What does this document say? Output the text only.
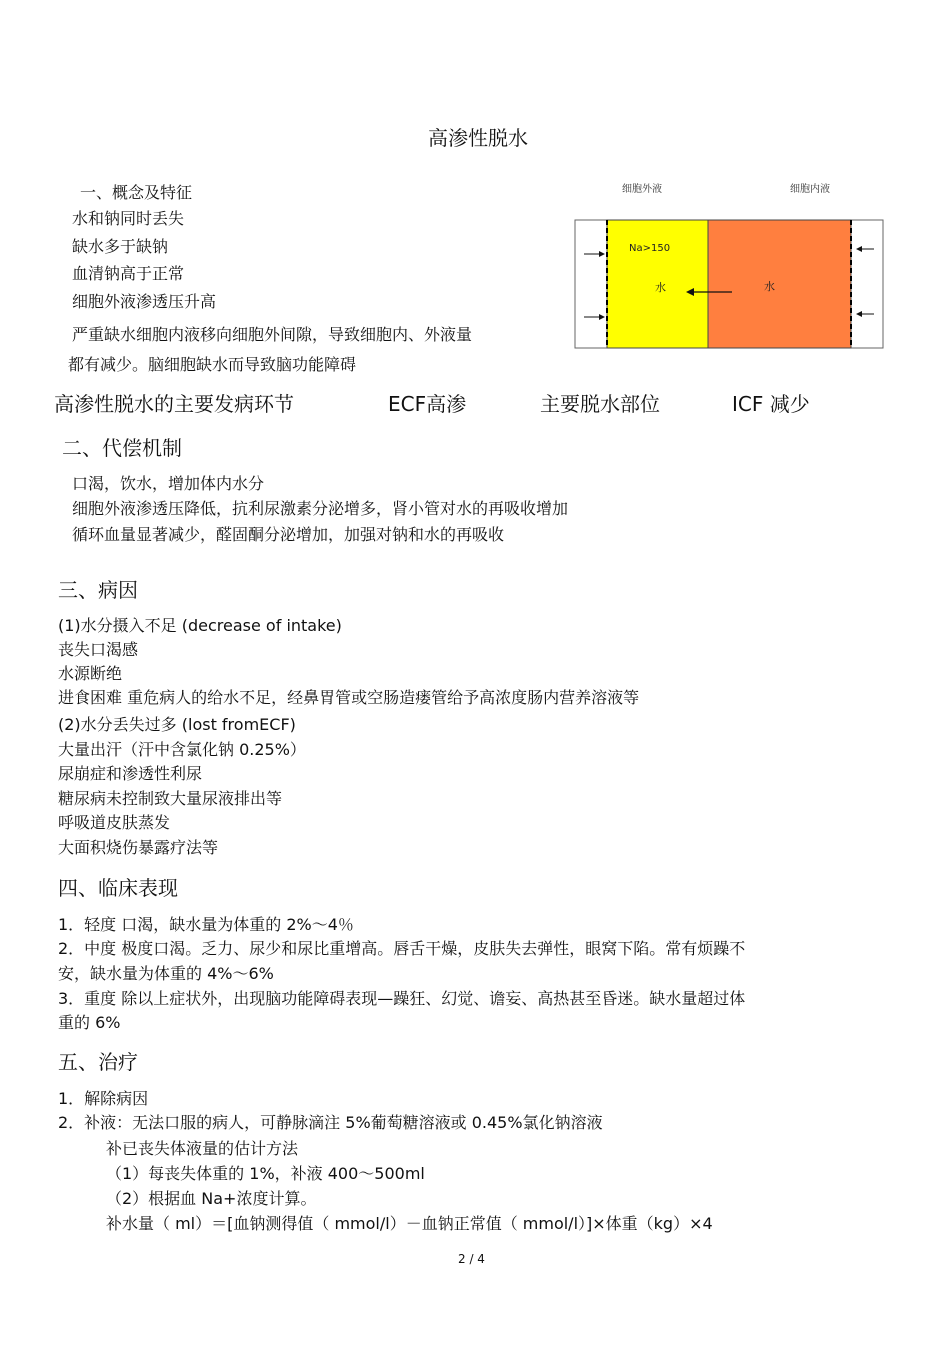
高渗性脱水
一、概念及特征
水和钠同时丢失
缺水多于缺钠
血清钠高于正常
细胞外液渗透压升高
严重缺水细胞内液移向细胞外间隙，导致细胞内、外液量
都有减少。脑细胞缺水而导致脑功能障碍
细胞外液	细胞内液
Na>150
水	水
高渗性脱水的主要发病环节	ECF高渗	主要脱水部位	ICF 减少
二、代偿机制
口渴，饮水，增加体内水分
细胞外液渗透压降低，抗利尿激素分泌增多，肾小管对水的再吸收增加
循环血量显著减少，醛固酮分泌增加，加强对钠和水的再吸收
三、病因
(1)水分摄入不足 (decrease of intake)
丧失口渴感
水源断绝
进食困难 重危病人的给水不足，经鼻胃管或空肠造瘘管给予高浓度肠内营养溶液等
(2)水分丢失过多 (lost fromECF)
大量出汗（汗中含氯化钠 0.25%）
尿崩症和渗透性利尿
糖尿病未控制致大量尿液排出等
呼吸道皮肤蒸发
大面积烧伤暴露疗法等
四、临床表现
1．轻度 口渴，缺水量为体重的 2%～4％
2．中度 极度口渴。乏力、尿少和尿比重增高。唇舌干燥，皮肤失去弹性，眼窝下陷。常有烦躁不
安，缺水量为体重的 4%～6%
3．重度 除以上症状外，出现脑功能障碍表现—躁狂、幻觉、谵妄、高热甚至昏迷。缺水量超过体
重的 6%
五、治疗
1．解除病因
2．补液：无法口服的病人，可静脉滴注 5%葡萄糖溶液或 0.45%氯化钠溶液
补已丧失体液量的估计方法
（1）每丧失体重的 1%，补液 400～500ml
（2）根据血 Na+浓度计算。
补水量（ ml）＝[血钠测得值（ mmol/l）－血钠正常值（ mmol/l）]×体重（kg）×4
2 / 4
